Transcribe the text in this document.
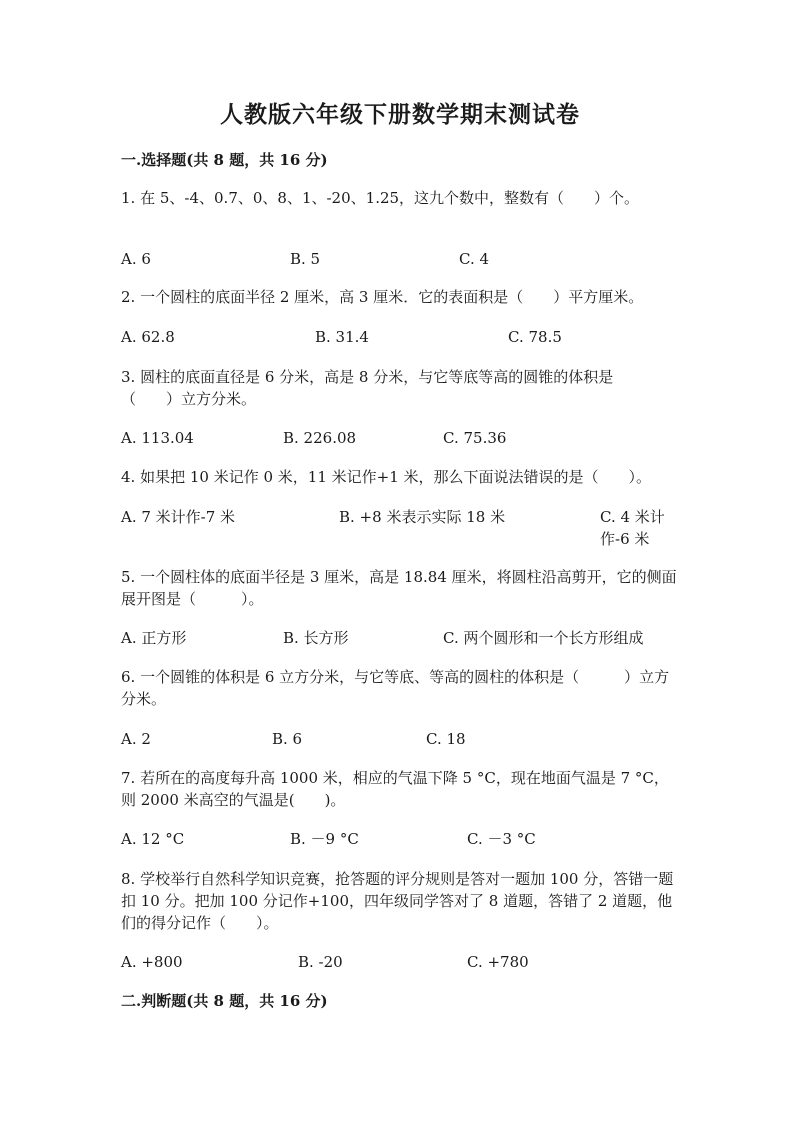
人教版六年级下册数学期末测试卷
一.选择题(共 8 题，共 16 分)
1. 在 5、-4、0.7、0、8、1、-20、1.25，这九个数中，整数有（　　）个。
A. 6	B. 5	C. 4
2. 一个圆柱的底面半径 2 厘米，高 3 厘米．它的表面积是（　　）平方厘米。
A. 62.8	B. 31.4	C. 78.5
3. 圆柱的底面直径是 6 分米，高是 8 分米，与它等底等高的圆锥的体积是（　　）立方分米。
A. 113.04	B. 226.08	C. 75.36
4. 如果把 10 米记作 0 米，11 米记作+1 米，那么下面说法错误的是（　　）。
A. 7 米计作-7 米	B. +8 米表示实际 18 米	C. 4 米计作-6 米
5. 一个圆柱体的底面半径是 3 厘米，高是 18.84 厘米，将圆柱沿高剪开，它的侧面展开图是（　　　）。
A. 正方形	B. 长方形	C. 两个圆形和一个长方形组成
6. 一个圆锥的体积是 6 立方分米，与它等底、等高的圆柱的体积是（　　　）立方分米。
A. 2	B. 6	C. 18
7. 若所在的高度每升高 1000 米，相应的气温下降 5 °C，现在地面气温是 7 °C，则 2000 米高空的气温是(　　)。
A. 12 °C	B. －9 °C	C. －3 °C
8. 学校举行自然科学知识竞赛，抢答题的评分规则是答对一题加 100 分，答错一题扣 10 分。把加 100 分记作+100，四年级同学答对了 8 道题，答错了 2 道题，他们的得分记作（　　）。
A. +800	B. -20	C. +780
二.判断题(共 8 题，共 16 分)
